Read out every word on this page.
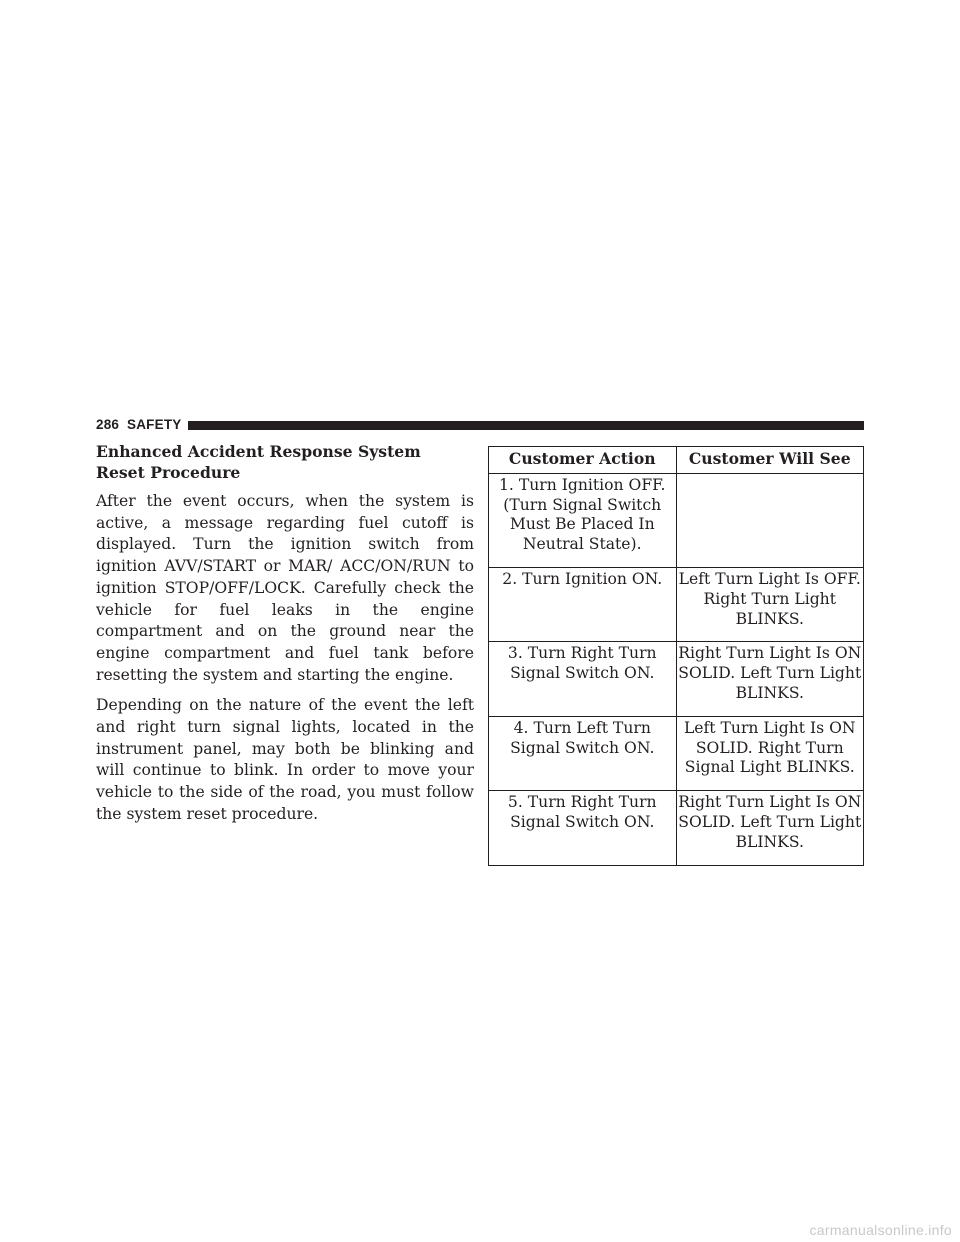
286 SAFETY
Enhanced Accident Response System Reset Procedure

After the event occurs, when the system is active, a message regarding fuel cutoff is displayed. Turn the ignition switch from ignition AVV/START or MAR/ ACC/ON/RUN to ignition STOP/OFF/LOCK. Carefully check the vehicle for fuel leaks in the engine compartment and on the ground near the engine compartment and fuel tank before resetting the system and starting the engine.

Depending on the nature of the event the left and right turn signal lights, located in the instrument panel, may both be blinking and will continue to blink. In order to move your vehicle to the side of the road, you must follow the system reset procedure.

Customer Action	Customer Will See
1. Turn Ignition OFF. (Turn Signal Switch Must Be Placed In Neutral State).	
2. Turn Ignition ON.	Left Turn Light Is OFF. Right Turn Light BLINKS.
3. Turn Right Turn Signal Switch ON.	Right Turn Light Is ON SOLID. Left Turn Light BLINKS.
4. Turn Left Turn Signal Switch ON.	Left Turn Light Is ON SOLID. Right Turn Signal Light BLINKS.
5. Turn Right Turn Signal Switch ON.	Right Turn Light Is ON SOLID. Left Turn Light BLINKS.
carmanualsonline.info
